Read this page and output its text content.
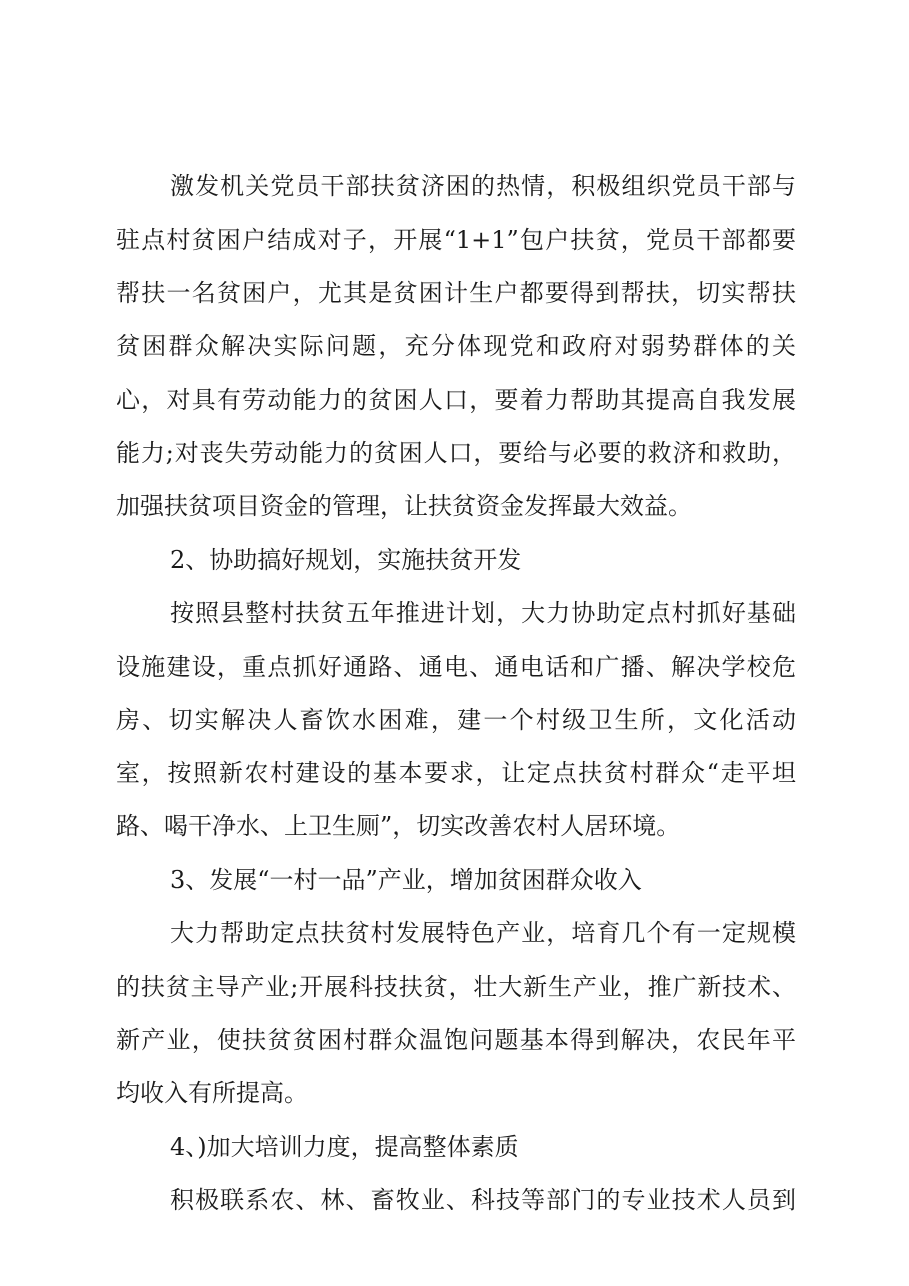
激发机关党员干部扶贫济困的热情，积极组织党员干部与
驻点村贫困户结成对子，开展“1+1”包户扶贫，党员干部都要
帮扶一名贫困户，尤其是贫困计生户都要得到帮扶，切实帮扶
贫困群众解决实际问题，充分体现党和政府对弱势群体的关
心，对具有劳动能力的贫困人口，要着力帮助其提高自我发展
能力;对丧失劳动能力的贫困人口，要给与必要的救济和救助，
加强扶贫项目资金的管理，让扶贫资金发挥最大效益。
2、协助搞好规划，实施扶贫开发
按照县整村扶贫五年推进计划，大力协助定点村抓好基础
设施建设，重点抓好通路、通电、通电话和广播、解决学校危
房、切实解决人畜饮水困难，建一个村级卫生所，文化活动
室，按照新农村建设的基本要求，让定点扶贫村群众“走平坦
路、喝干净水、上卫生厕”，切实改善农村人居环境。
3、发展“一村一品”产业，增加贫困群众收入
大力帮助定点扶贫村发展特色产业，培育几个有一定规模
的扶贫主导产业;开展科技扶贫，壮大新生产业，推广新技术、
新产业，使扶贫贫困村群众温饱问题基本得到解决，农民年平
均收入有所提高。
4、)加大培训力度，提高整体素质
积极联系农、林、畜牧业、科技等部门的专业技术人员到
